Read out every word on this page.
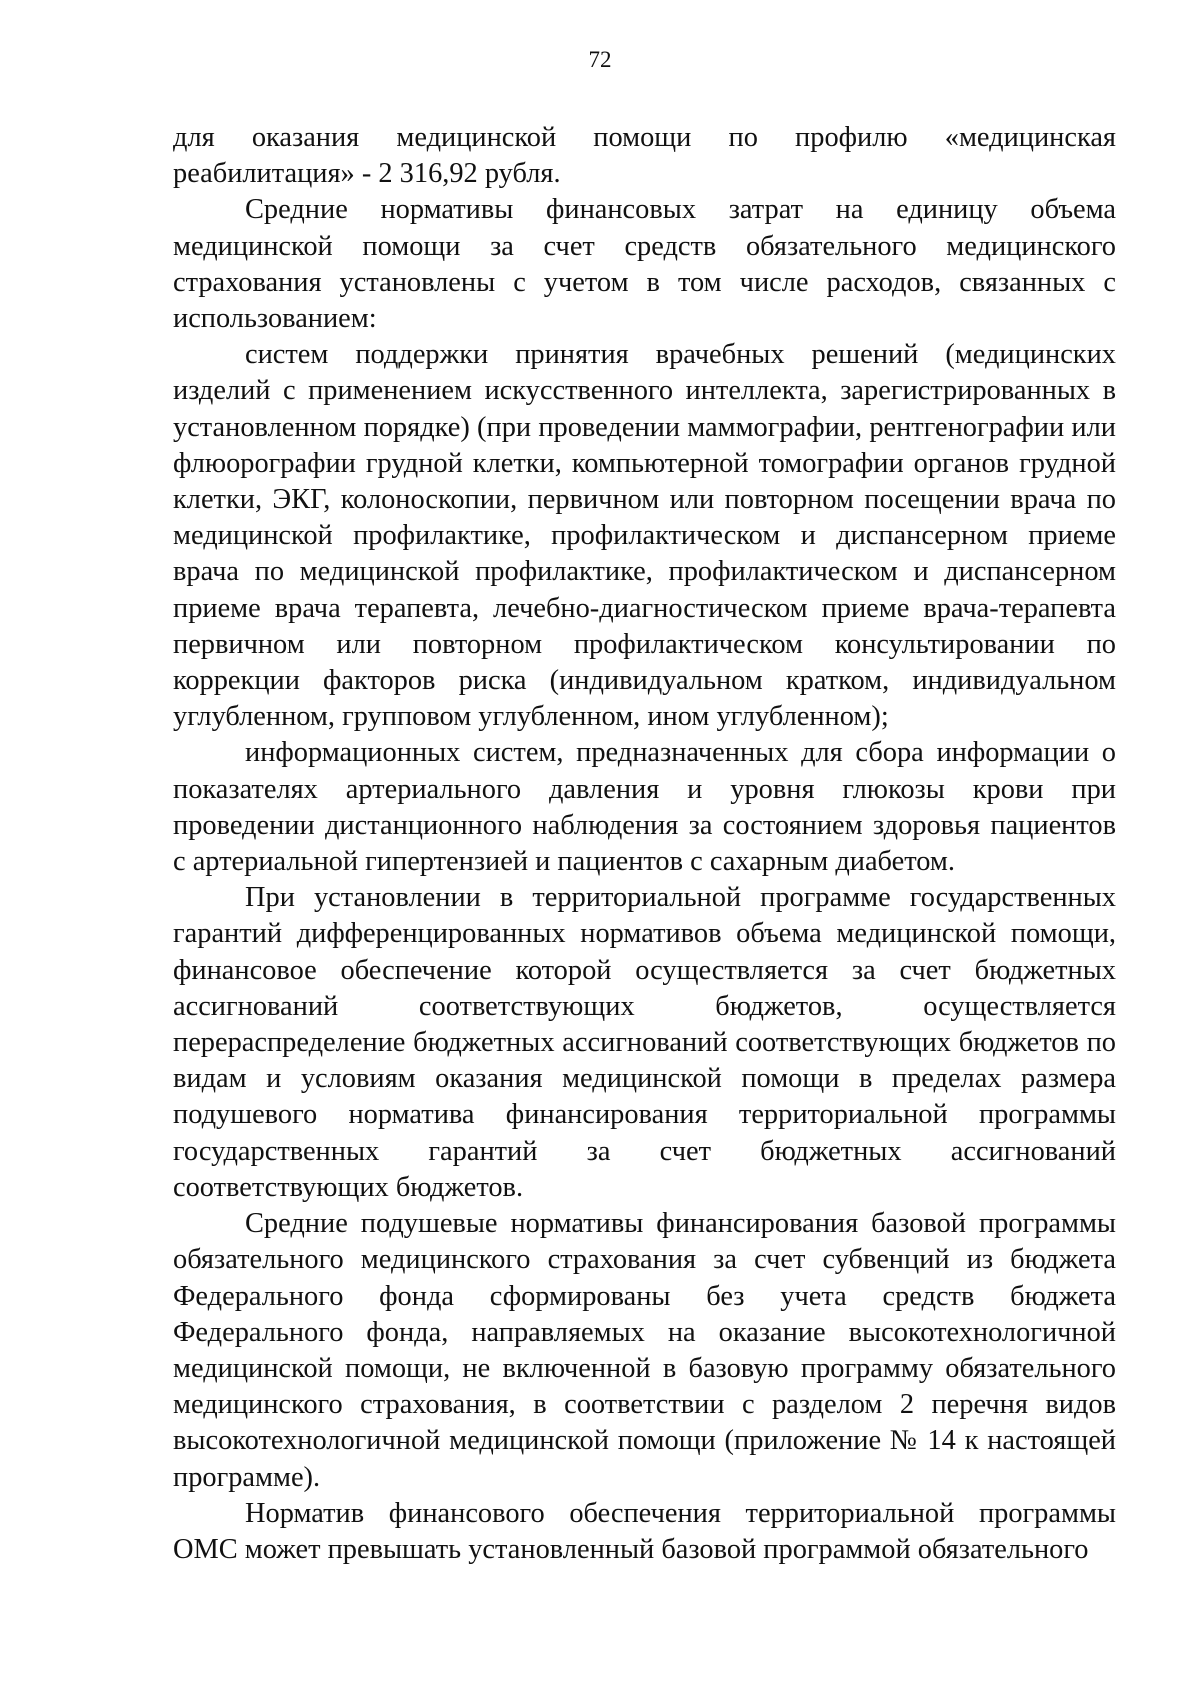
72

для оказания медицинской помощи по профилю «медицинская реабилитация» - 2 316,92 рубля.

Средние нормативы финансовых затрат на единицу объема медицинской помощи за счет средств обязательного медицинского страхования установлены с учетом в том числе расходов, связанных с использованием:

систем поддержки принятия врачебных решений (медицинских изделий с применением искусственного интеллекта, зарегистрированных в установленном порядке) (при проведении маммографии, рентгенографии или флюорографии грудной клетки, компьютерной томографии органов грудной клетки, ЭКГ, колоноскопии, первичном или повторном посещении врача по медицинской профилактике, профилактическом и диспансерном приеме врача по медицинской профилактике, профилактическом и диспансерном приеме врача терапевта, лечебно-диагностическом приеме врача-терапевта первичном или повторном профилактическом консультировании по коррекции факторов риска (индивидуальном кратком, индивидуальном углубленном, групповом углубленном, ином углубленном);

информационных систем, предназначенных для сбора информации о показателях артериального давления и уровня глюкозы крови при проведении дистанционного наблюдения за состоянием здоровья пациентов с артериальной гипертензией и пациентов с сахарным диабетом.

При установлении в территориальной программе государственных гарантий дифференцированных нормативов объема медицинской помощи, финансовое обеспечение которой осуществляется за счет бюджетных ассигнований соответствующих бюджетов, осуществляется перераспределение бюджетных ассигнований соответствующих бюджетов по видам и условиям оказания медицинской помощи в пределах размера подушевого норматива финансирования территориальной программы государственных гарантий за счет бюджетных ассигнований соответствующих бюджетов.

Средние подушевые нормативы финансирования базовой программы обязательного медицинского страхования за счет субвенций из бюджета Федерального фонда сформированы без учета средств бюджета Федерального фонда, направляемых на оказание высокотехнологичной медицинской помощи, не включенной в базовую программу обязательного медицинского страхования, в соответствии с разделом 2 перечня видов высокотехнологичной медицинской помощи (приложение № 14 к настоящей программе).

Норматив финансового обеспечения территориальной программы ОМС может превышать установленный базовой программой обязательного
